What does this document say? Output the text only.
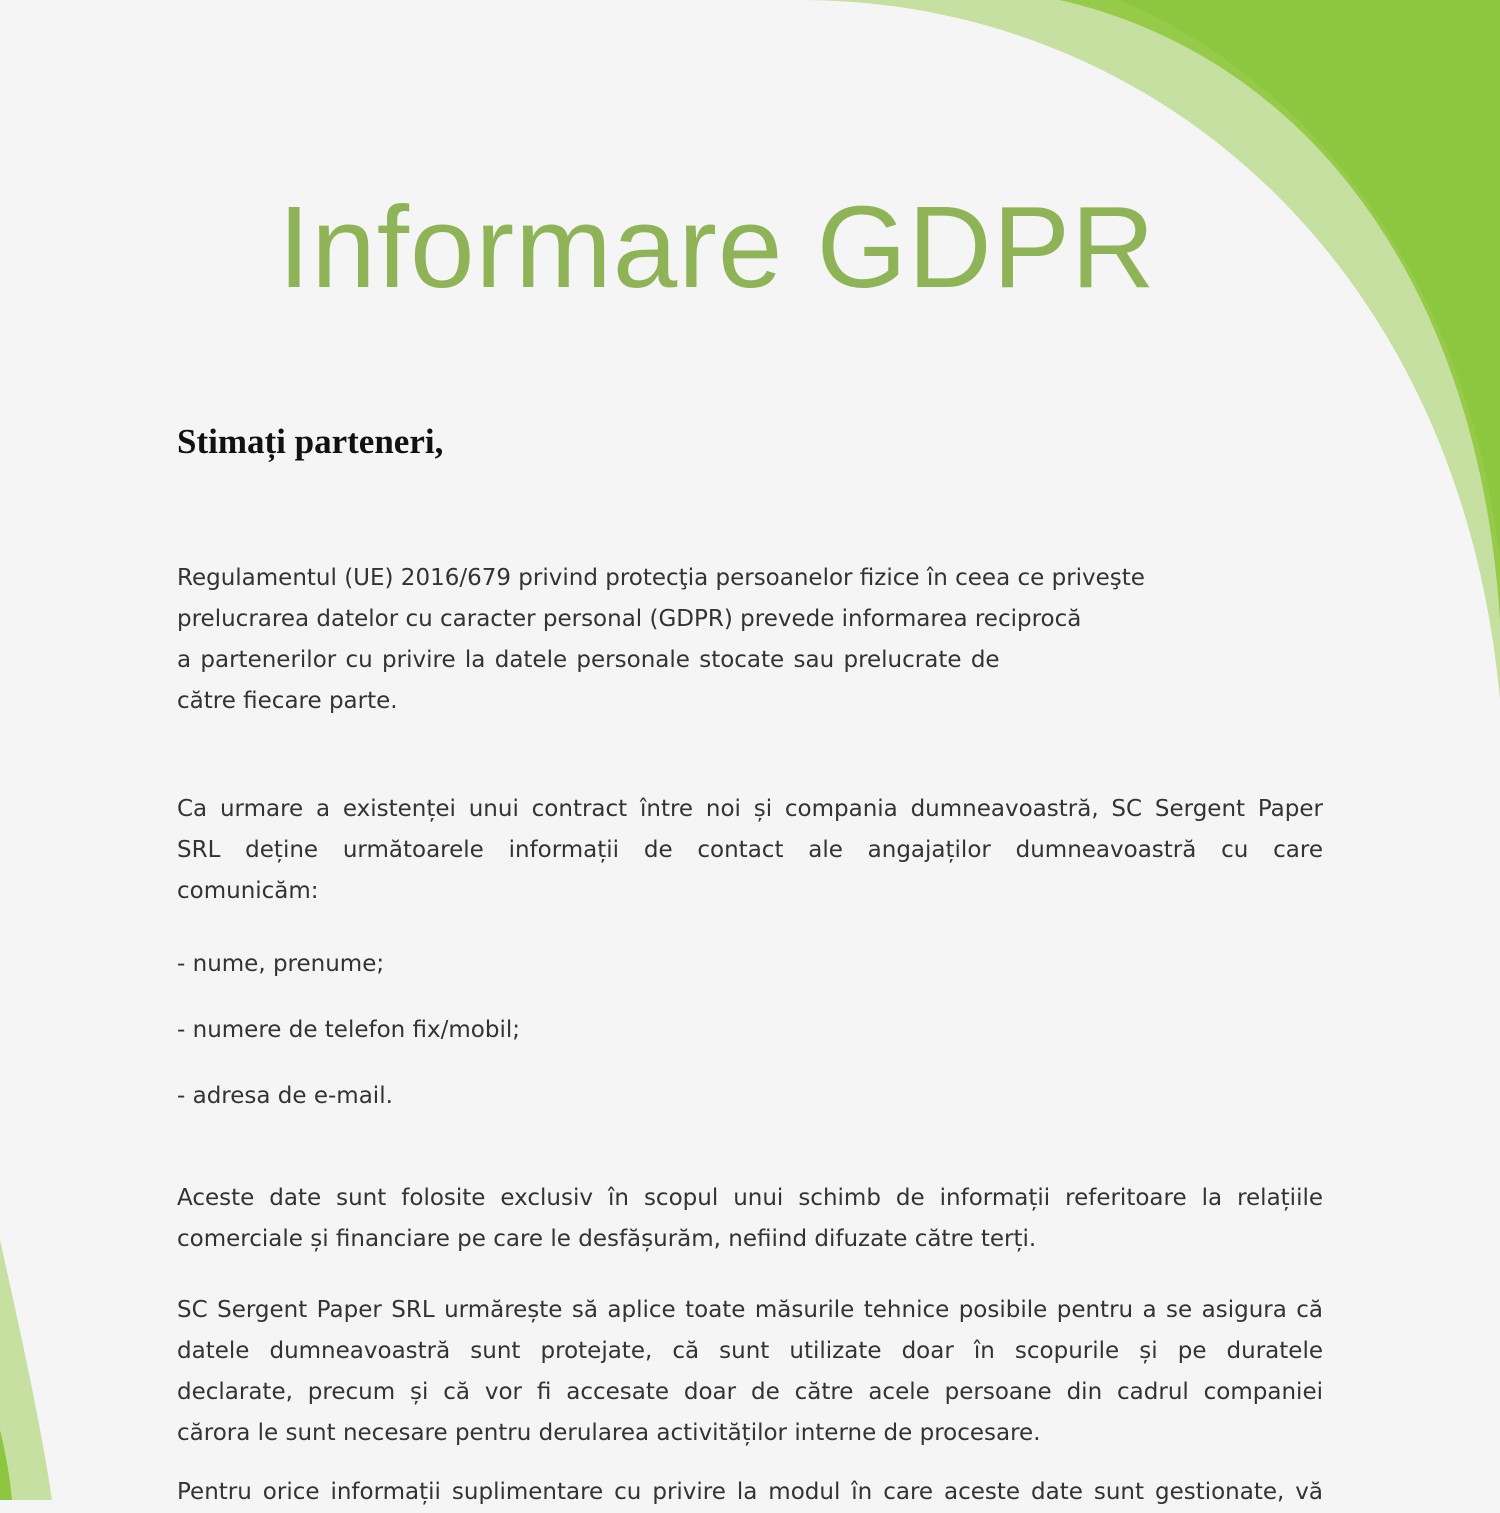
Informare GDPR
Stimați parteneri,
Regulamentul (UE) 2016/679 privind protecţia persoanelor fizice în ceea ce priveşte
prelucrarea datelor cu caracter personal (GDPR) prevede informarea reciprocă
a partenerilor cu privire la datele personale stocate sau prelucrate de
către fiecare parte.
Ca urmare a existenței unui contract între noi și compania dumneavoastră, SC Sergent Paper
SRL deține următoarele informații de contact ale angajaților dumneavoastră cu care
comunicăm:
- nume, prenume;
- numere de telefon fix/mobil;
- adresa de e-mail.
Aceste date sunt folosite exclusiv în scopul unui schimb de informații referitoare la relațiile
comerciale și financiare pe care le desfășurăm, nefiind difuzate către terți.
SC Sergent Paper SRL urmărește să aplice toate măsurile tehnice posibile pentru a se asigura că
datele dumneavoastră sunt protejate, că sunt utilizate doar în scopurile și pe duratele
declarate, precum și că vor fi accesate doar de către acele persoane din cadrul companiei
cărora le sunt necesare pentru derularea activităților interne de procesare.
Pentru orice informații suplimentare cu privire la modul în care aceste date sunt gestionate, vă
